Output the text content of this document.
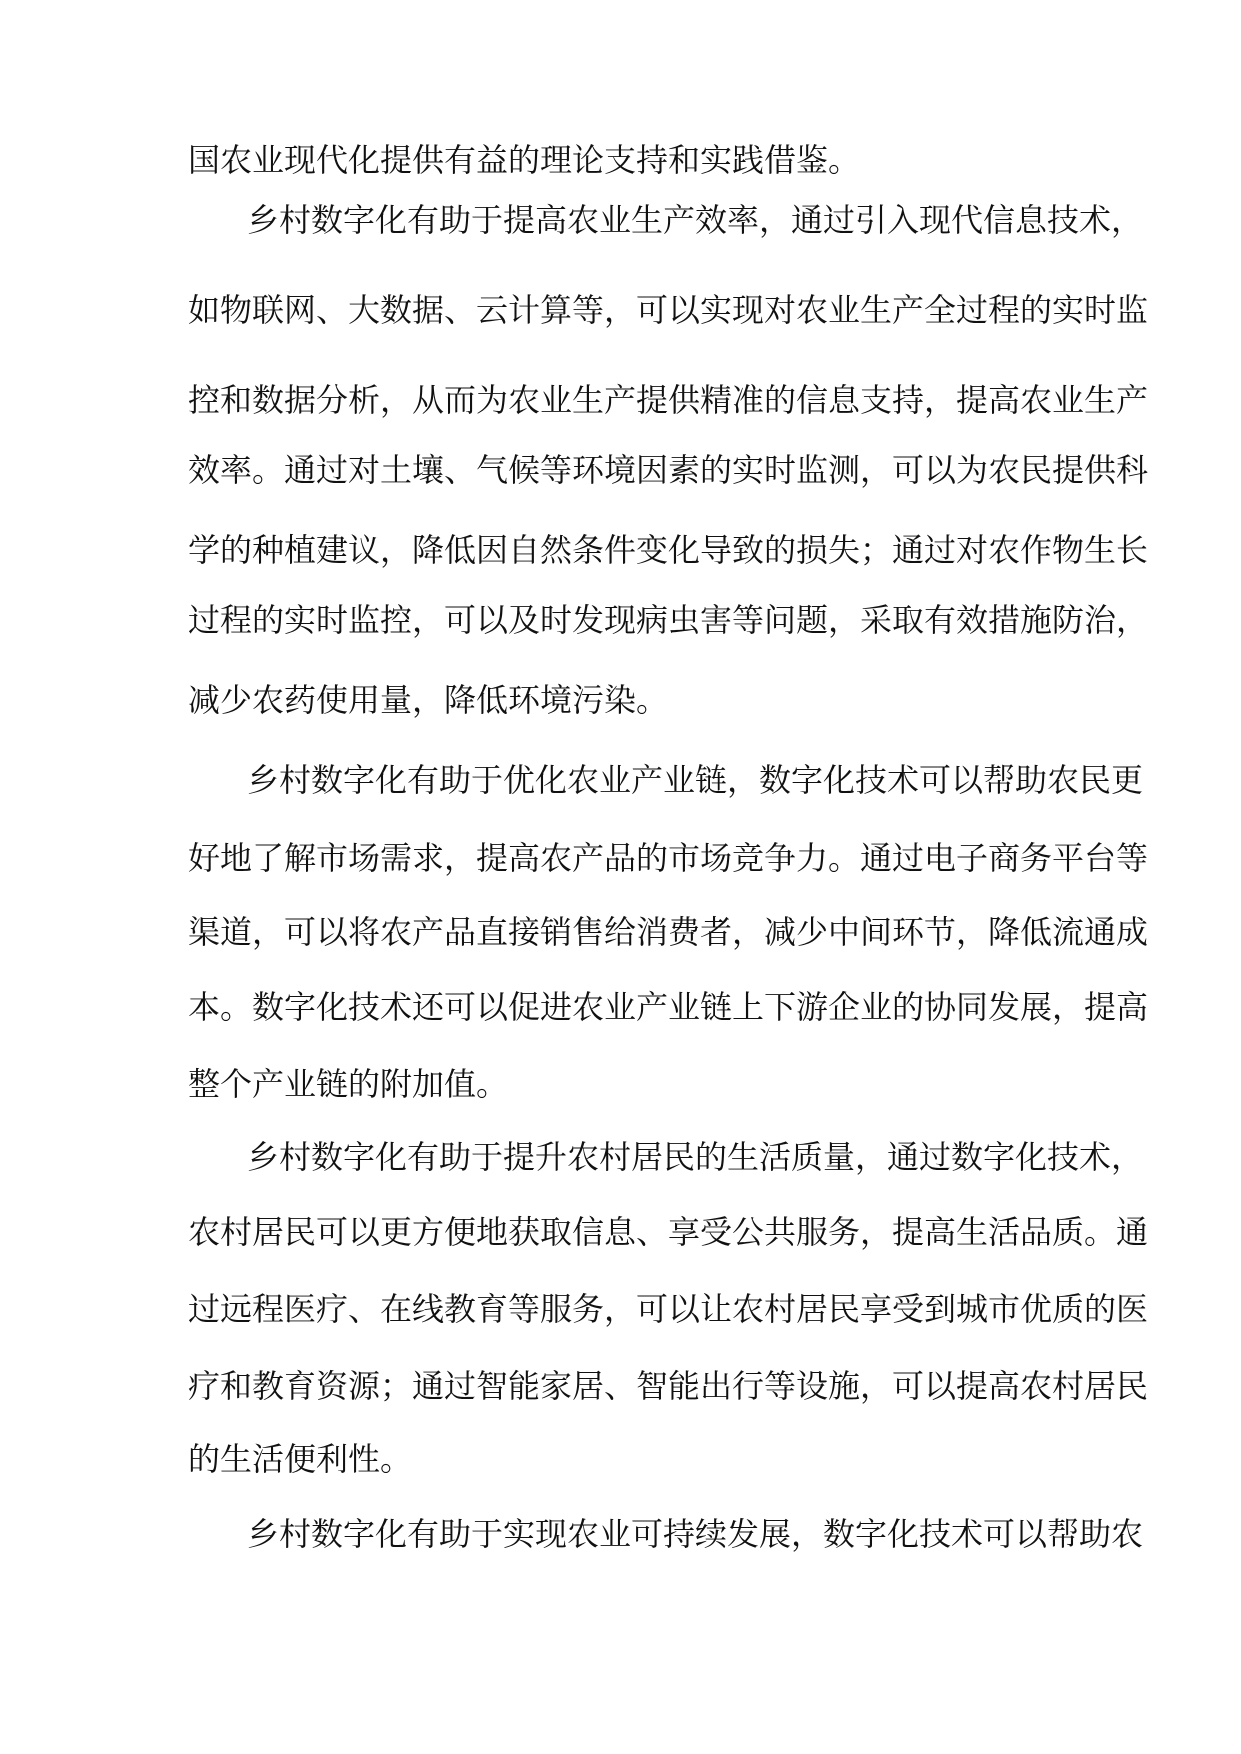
国农业现代化提供有益的理论支持和实践借鉴。

乡村数字化有助于提高农业生产效率，通过引入现代信息技术，

如物联网、大数据、云计算等，可以实现对农业生产全过程的实时监

控和数据分析，从而为农业生产提供精准的信息支持，提高农业生产

效率。通过对土壤、气候等环境因素的实时监测，可以为农民提供科

学的种植建议，降低因自然条件变化导致的损失；通过对农作物生长

过程的实时监控，可以及时发现病虫害等问题，采取有效措施防治，

减少农药使用量，降低环境污染。

乡村数字化有助于优化农业产业链，数字化技术可以帮助农民更

好地了解市场需求，提高农产品的市场竞争力。通过电子商务平台等

渠道，可以将农产品直接销售给消费者，减少中间环节，降低流通成

本。数字化技术还可以促进农业产业链上下游企业的协同发展，提高

整个产业链的附加值。

乡村数字化有助于提升农村居民的生活质量，通过数字化技术，

农村居民可以更方便地获取信息、享受公共服务，提高生活品质。通

过远程医疗、在线教育等服务，可以让农村居民享受到城市优质的医

疗和教育资源；通过智能家居、智能出行等设施，可以提高农村居民

的生活便利性。

乡村数字化有助于实现农业可持续发展，数字化技术可以帮助农
